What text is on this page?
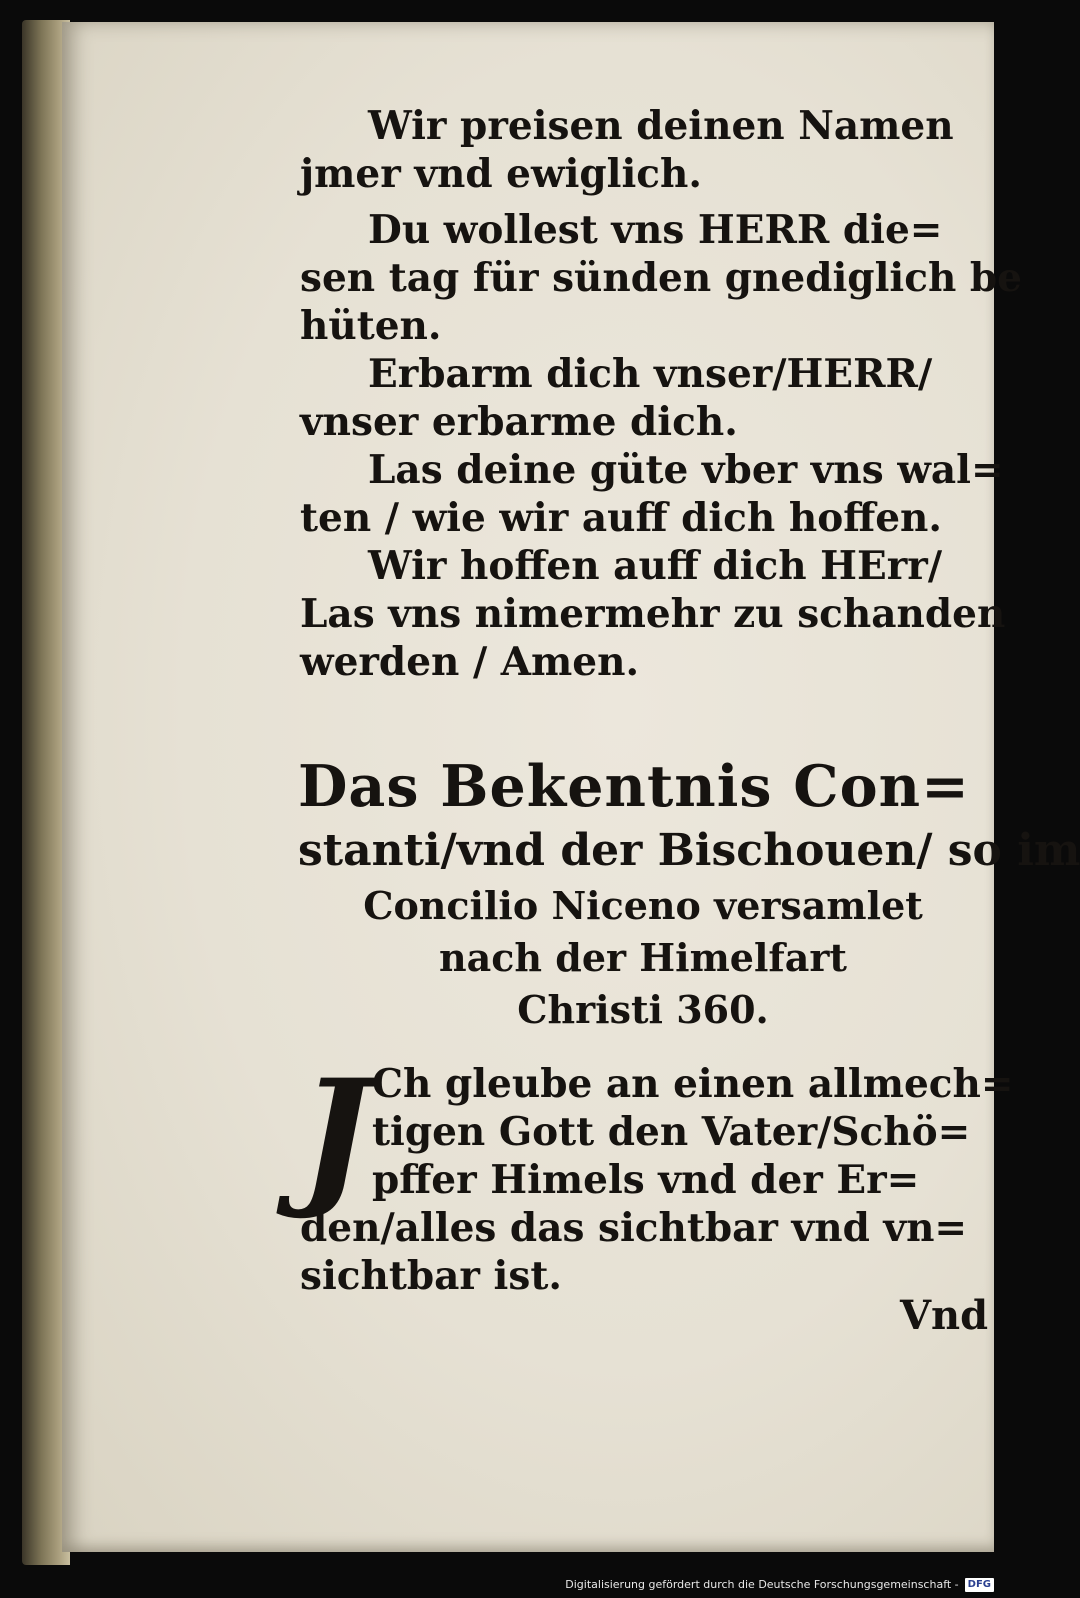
Wir preisen deinen Namen
jmer vnd ewiglich.
Du wollest vns HERR die=
sen tag für sünden gnediglich be
hüten.
Erbarm dich vnser/HERR/
vnser erbarme dich.
Las deine güte vber vns wal=
ten / wie wir auff dich hoffen.
Wir hoffen auff dich HErr/
Las vns nimermehr zu schanden
werden / Amen.
Das Bekentnis Con=
stanti/vnd der Bischouen/ so im
Concilio Niceno versamlet
nach der Himelfart
Christi 360.
J Ch gleube an einen allmech=
tigen Gott den Vater/Schö=
pffer Himels vnd der Er=
den/alles das sichtbar vnd vn=
sichtbar ist.
Vnd
Digitalisierung gefördert durch die Deutsche Forschungsgemeinschaft - DFG
